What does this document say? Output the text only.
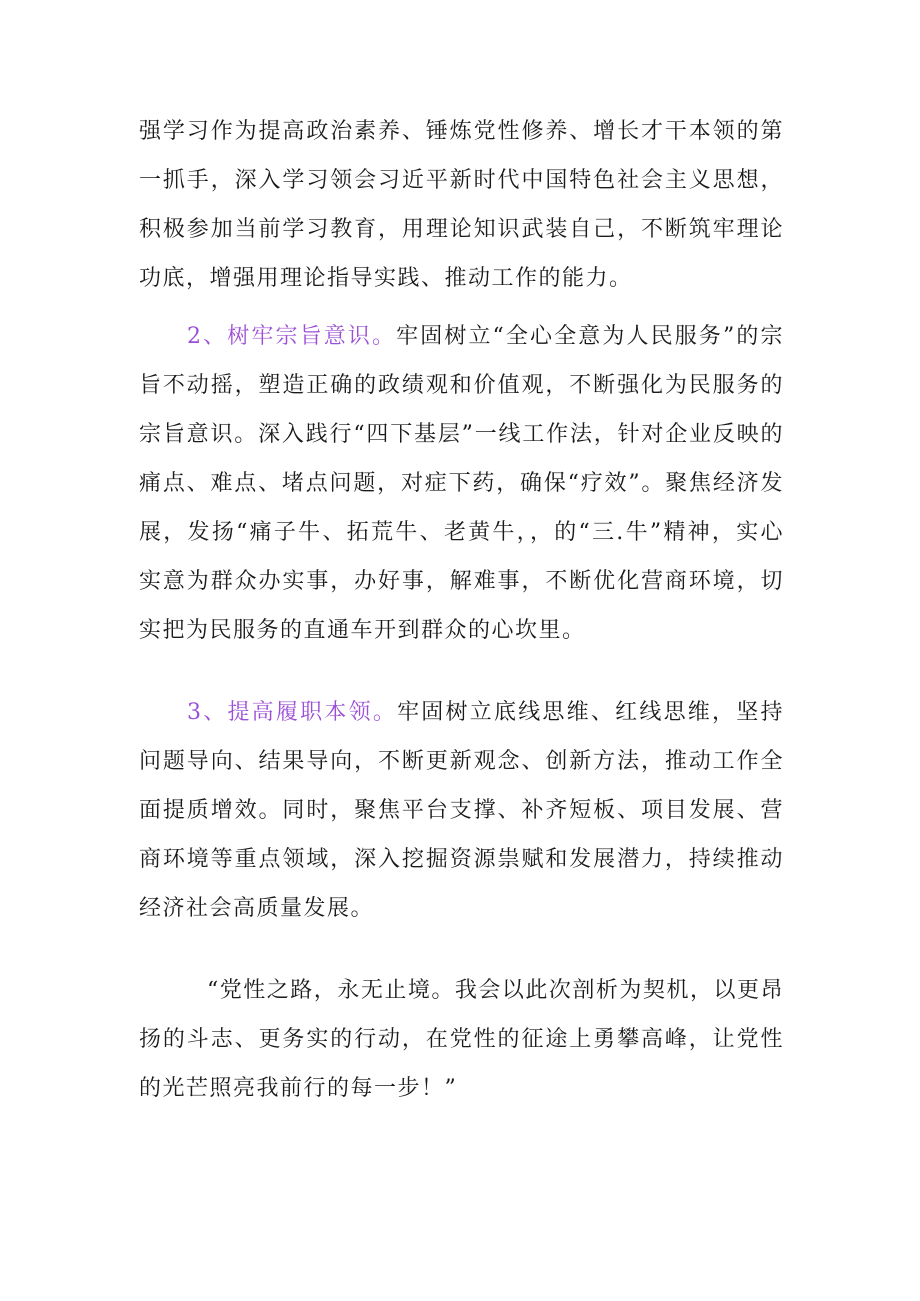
强学习作为提高政治素养、锤炼党性修养、增长才干本领的第一抓手，深入学习领会习近平新时代中国特色社会主义思想，积极参加当前学习教育，用理论知识武装自己，不断筑牢理论功底，增强用理论指导实践、推动工作的能力。

2、树牢宗旨意识。牢固树立“全心全意为人民服务”的宗旨不动摇，塑造正确的政绩观和价值观，不断强化为民服务的宗旨意识。深入践行“四下基层”一线工作法，针对企业反映的痛点、难点、堵点问题，对症下药，确保“疗效”。聚焦经济发展，发扬“痛子牛、拓荒牛、老黄牛，，的“三.牛”精神，实心实意为群众办实事，办好事，解难事，不断优化营商环境，切实把为民服务的直通车开到群众的心坎里。

3、提高履职本领。牢固树立底线思维、红线思维，坚持问题导向、结果导向，不断更新观念、创新方法，推动工作全面提质增效。同时，聚焦平台支撑、补齐短板、项目发展、营商环境等重点领域，深入挖掘资源祟赋和发展潜力，持续推动经济社会高质量发展。

“党性之路，永无止境。我会以此次剖析为契机，以更昂扬的斗志、更务实的行动，在党性的征途上勇攀高峰，让党性的光芒照亮我前行的每一步！”
